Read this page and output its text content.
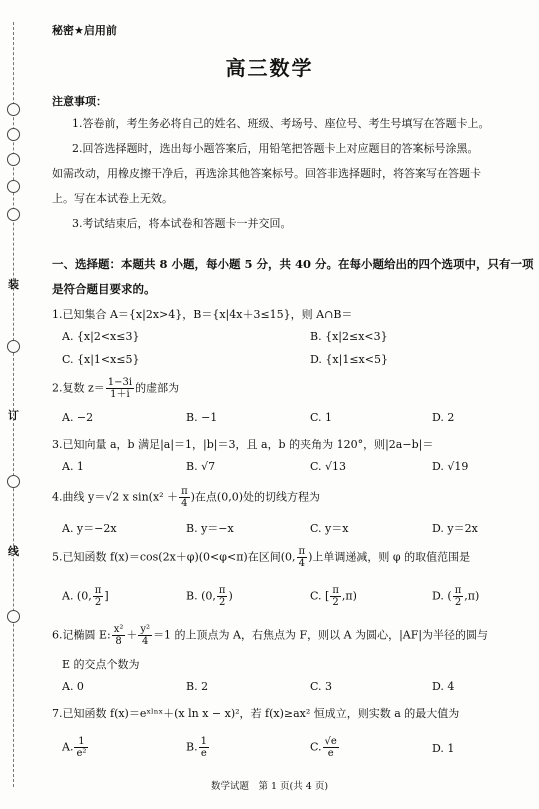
装
订
线
秘密★启用前
高三数学
注意事项：
1.答卷前，考生务必将自己的姓名、班级、考场号、座位号、考生号填写在答题卡上。
2.回答选择题时，选出每小题答案后，用铅笔把答题卡上对应题目的答案标号涂黑。
如需改动，用橡皮擦干净后，再选涂其他答案标号。回答非选择题时，将答案写在答题卡
上。写在本试卷上无效。
3.考试结束后，将本试卷和答题卡一并交回。
一、选择题：本题共 8 小题，每小题 5 分，共 40 分。在每小题给出的四个选项中，只有一项
是符合题目要求的。
1.已知集合 A＝{x|2x>4}，B＝{x|4x＋3≤15}，则 A∩B＝
A. {x|2<x≤3}	B. {x|2≤x<3}
C. {x|1<x≤5}	D. {x|1≤x<5}
2.复数 $z= \frac{1-3i}{1+i}$ 的虚部为
A. −2	B. −1	C. 1	D. 2
3.已知向量 a，b 满足|a|＝1，|b|＝3，且 a，b 的夹角为 120°，则|2a−b|＝
A. 1	B. √7	C. √13	D. √19
4.曲线 y＝√2 x $\sin(x^2 + \frac{\pi}{4}$ )在点(0,0)处的切线方程为
A. y＝−2x	B. y＝−x	C. y＝x	D. y＝2x
5.已知函数 f(x)＝cos(2x＋φ)(0<φ<π)在区间(0, $\frac{\pi}{4}$ )上单调递减，则 φ 的取值范围是
A. (0, $\frac{\pi}{2}$ ]	B. (0, $\frac{\pi}{2}$ )	C. [ $\frac{\pi}{2} ,\pi$)	D. ( $\frac{\pi}{2} ,\pi$)
6.记椭圆 E: $\frac{\text{x²}}{8} + \frac{\text{y²}}{4} =1$ 的上顶点为 A，右焦点为 F，则以 A 为圆心，|AF|为半径的圆与
E 的交点个数为
A. 0	B. 2	C. 3	D. 4
7.已知函数 f(x)＝eˣˡⁿˣ＋(x ln x − x)²，若 f(x)≥ax² 恒成立，则实数 a 的最大值为
A. $\frac{1}{\text{e²}}$	B. $\frac{1}{e}$	C. $\frac{√e}{e}$	D. 1
数学试题　第 1 页(共 4 页)
